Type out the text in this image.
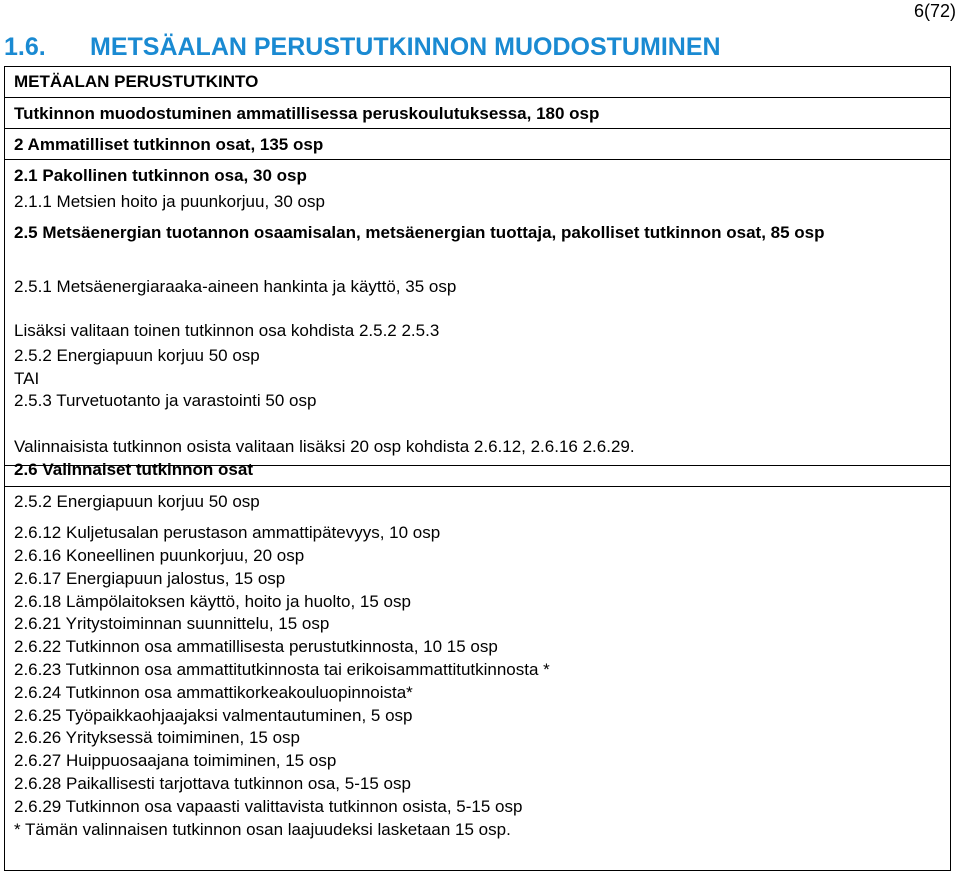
6(72)
1.6. METSÄALAN PERUSTUTKINNON MUODOSTUMINEN
METÄALAN PERUSTUTKINTO
Tutkinnon muodostuminen ammatillisessa peruskoulutuksessa, 180 osp
2 Ammatilliset tutkinnon osat, 135 osp
2.1 Pakollinen tutkinnon osa, 30 osp
2.1.1 Metsien hoito ja puunkorjuu, 30 osp
2.5 Metsäenergian tuotannon osaamisalan, metsäenergian tuottaja, pakolliset tutkinnon osat, 85 osp
2.5.1 Metsäenergiaraaka-aineen hankinta ja käyttö, 35 osp
Lisäksi valitaan toinen tutkinnon osa kohdista 2.5.2 2.5.3
2.5.2 Energiapuun korjuu 50 osp
TAI
2.5.3 Turvetuotanto ja varastointi 50 osp
Valinnaisista tutkinnon osista valitaan lisäksi 20 osp kohdista 2.6.12, 2.6.16 2.6.29.
2.6 Valinnaiset tutkinnon osat
2.5.2 Energiapuun korjuu 50 osp
2.6.12 Kuljetusalan perustason ammattipätevyys, 10 osp
2.6.16 Koneellinen puunkorjuu, 20 osp
2.6.17 Energiapuun jalostus, 15 osp
2.6.18 Lämpölaitoksen käyttö, hoito ja huolto, 15 osp
2.6.21 Yritystoiminnan suunnittelu, 15 osp
2.6.22 Tutkinnon osa ammatillisesta perustutkinnosta, 10 15 osp
2.6.23 Tutkinnon osa ammattitutkinnosta tai erikoisammattitutkinnosta *
2.6.24 Tutkinnon osa ammattikorkeakouluopinnoista*
2.6.25 Työpaikkaohjaajaksi valmentautuminen, 5 osp
2.6.26 Yrityksessä toimiminen, 15 osp
2.6.27 Huippuosaajana toimiminen, 15 osp
2.6.28 Paikallisesti tarjottava tutkinnon osa, 5-15 osp
2.6.29 Tutkinnon osa vapaasti valittavista tutkinnon osista, 5-15 osp
* Tämän valinnaisen tutkinnon osan laajuudeksi lasketaan 15 osp.
